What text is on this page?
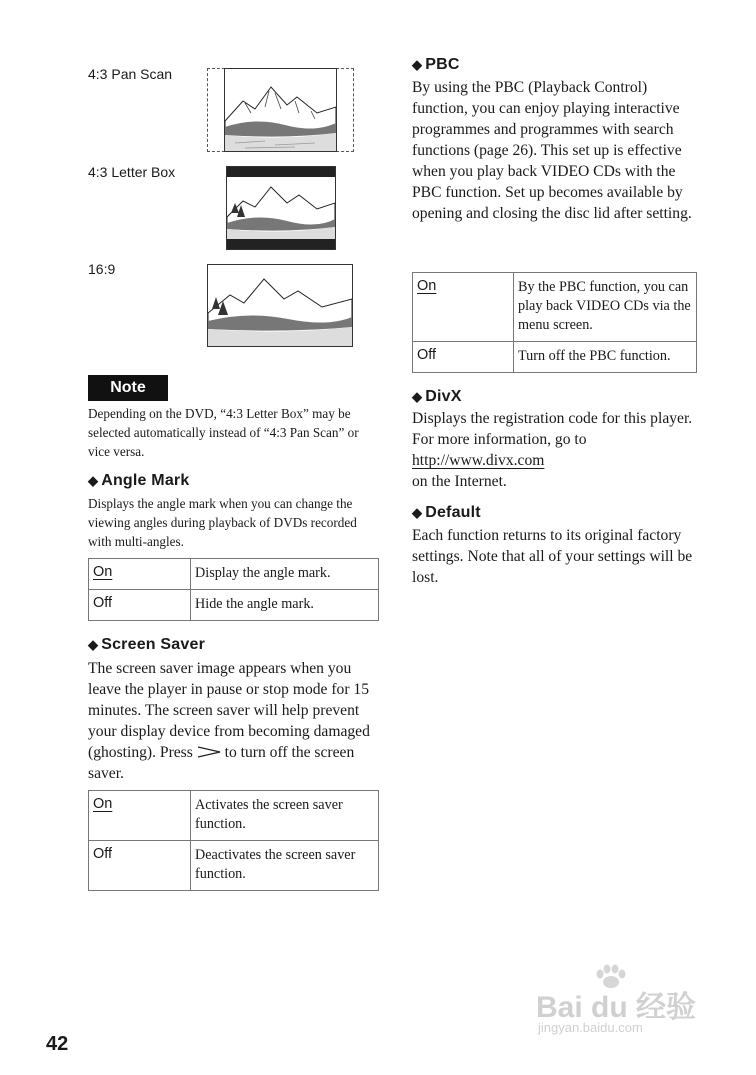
4:3 Pan Scan
4:3 Letter Box
16:9
Note
Depending on the DVD, “4:3 Letter Box” may be selected automatically instead of “4:3 Pan Scan” or vice versa.
◆ Angle Mark
Displays the angle mark when you can change the viewing angles during playback of DVDs recorded with multi-angles.
On	Display the angle mark.
Off	Hide the angle mark.
◆ Screen Saver
The screen saver image appears when you leave the player in pause or stop mode for 15 minutes. The screen saver will help prevent your display device from becoming damaged (ghosting). Press to turn off the screen saver.
On	Activates the screen saver function.
Off	Deactivates the screen saver function.
◆ PBC
By using the PBC (Playback Control) function, you can enjoy playing interactive programmes and programmes with search functions (page 26). This set up is effective when you play back VIDEO CDs with the PBC function. Set up becomes available by opening and closing the disc lid after setting.
On	By the PBC function, you can play back VIDEO CDs via the menu screen.
Off	Turn off the PBC function.
◆ DivX
Displays the registration code for this player. For more information, go to
http://www.divx.com
on the Internet.
◆ Default
Each function returns to its original factory settings. Note that all of your settings will be lost.
42
Bai du 经验
jingyan.baidu.com
